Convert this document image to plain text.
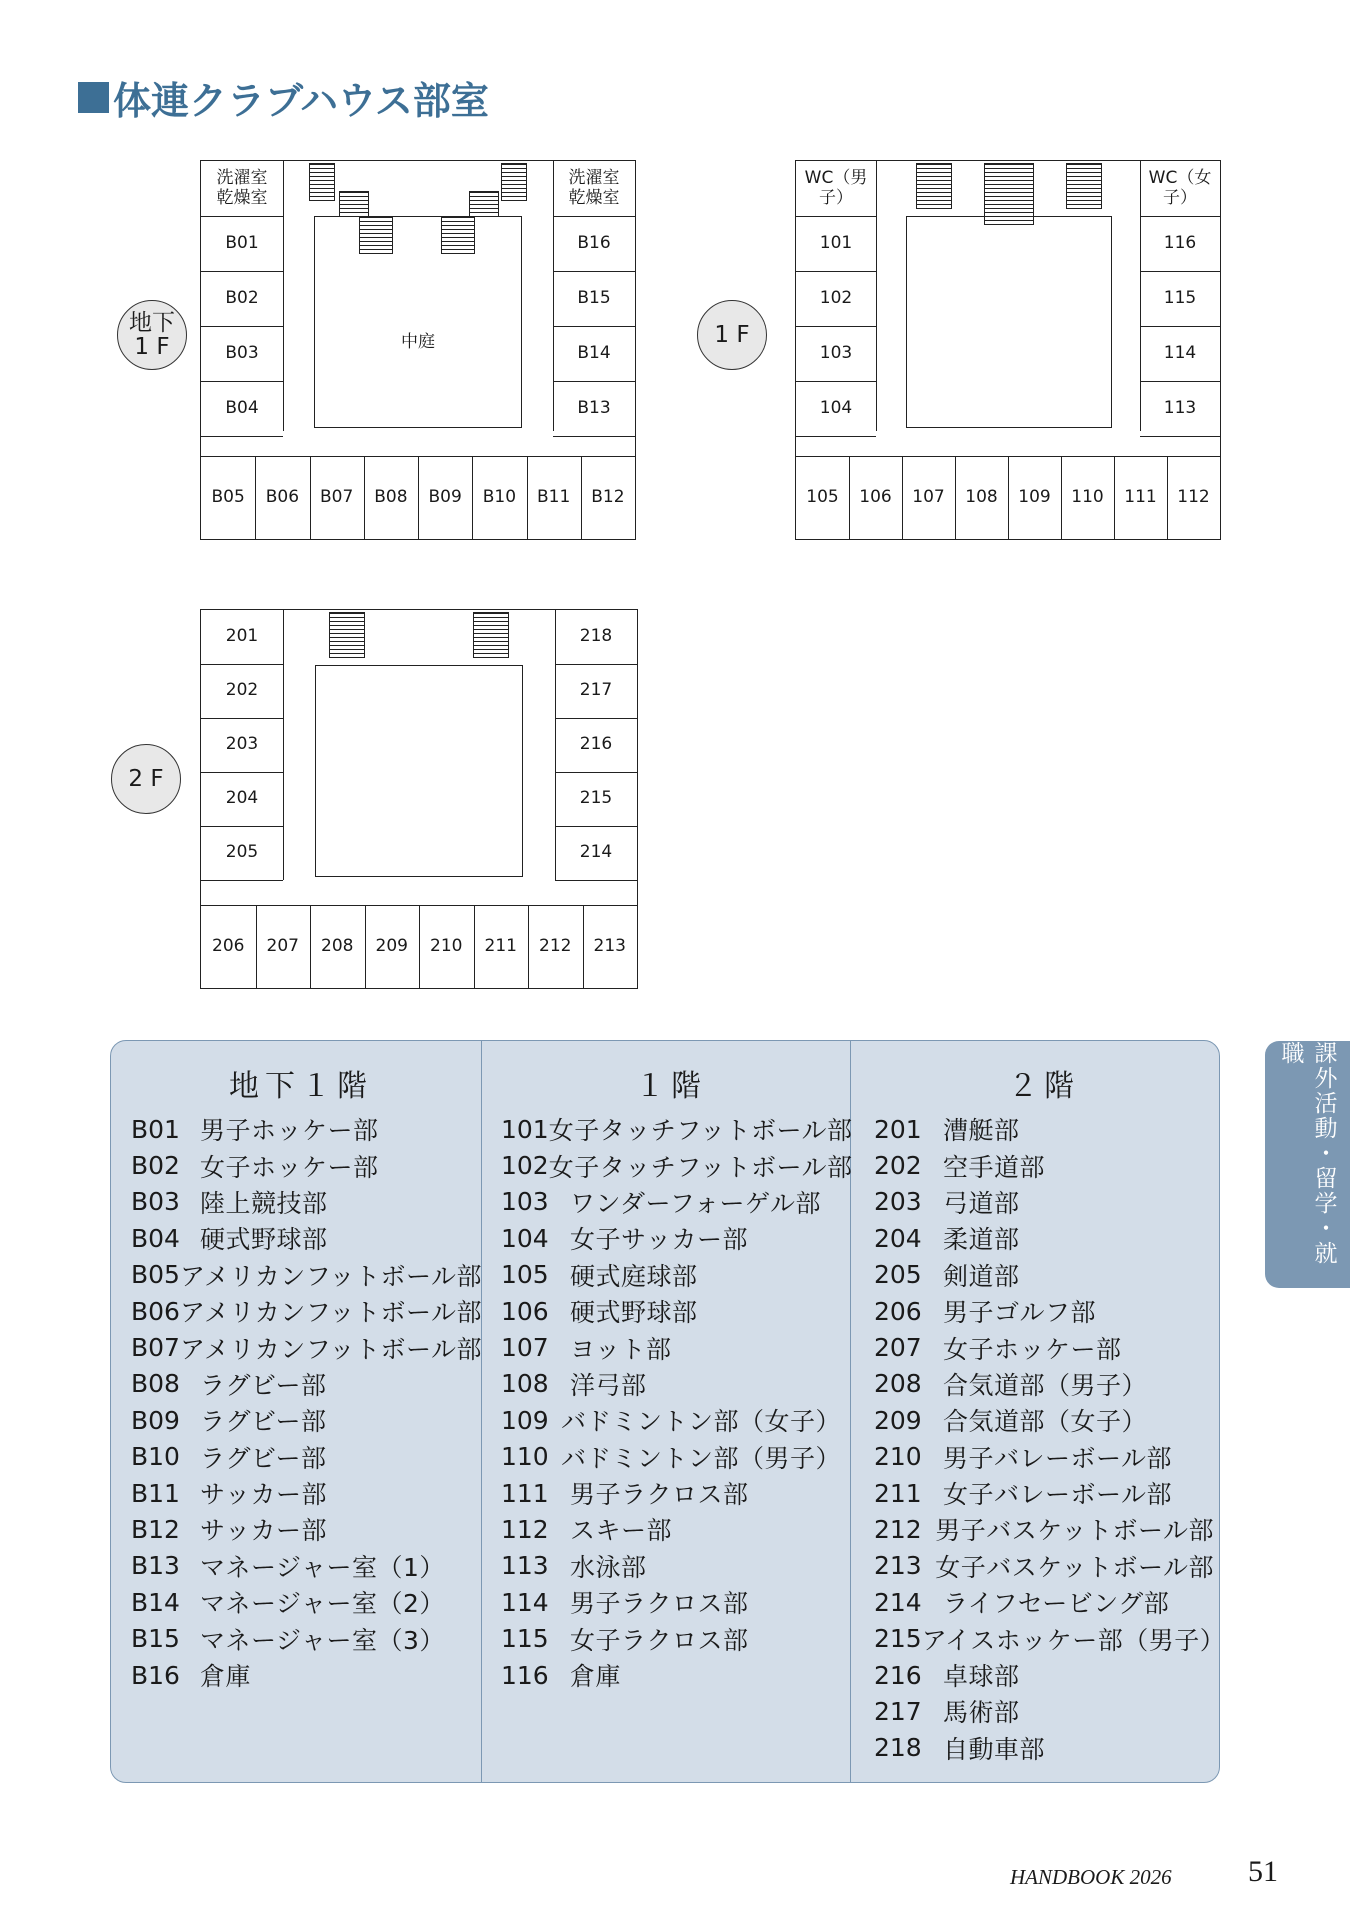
体連クラブハウス部室
地下
1 F	中庭
洗濯室
乾燥室
洗濯室
乾燥室
B01
B02
B03
B04
B16
B15
B14
B13
B05	B06	B07	B08	B09	B10	B11	B12
1 F
WC（男子）
WC（女子）
101
102
103
104
116
115
114
113
105	106	107	108	109	110	111	112
2 F
201
202
203
204
205
218
217
216
215
214
206	207	208	209	210	211	212	213
地下１階
B01 男子ホッケー部
B02 女子ホッケー部
B03 陸上競技部
B04 硬式野球部
B05 アメリカンフットボール部
B06 アメリカンフットボール部
B07 アメリカンフットボール部
B08 ラグビー部
B09 ラグビー部
B10 ラグビー部
B11 サッカー部
B12 サッカー部
B13 マネージャー室（1）
B14 マネージャー室（2）
B15 マネージャー室（3）
B16 倉庫
１階
101 女子タッチフットボール部
102 女子タッチフットボール部
103 ワンダーフォーゲル部
104 女子サッカー部
105 硬式庭球部
106 硬式野球部
107 ヨット部
108 洋弓部
109 バドミントン部（女子）
110 バドミントン部（男子）
111 男子ラクロス部
112 スキー部
113 水泳部
114 男子ラクロス部
115 女子ラクロス部
116 倉庫
２階
201 漕艇部
202 空手道部
203 弓道部
204 柔道部
205 剣道部
206 男子ゴルフ部
207 女子ホッケー部
208 合気道部（男子）
209 合気道部（女子）
210 男子バレーボール部
211 女子バレーボール部
212 男子バスケットボール部
213 女子バスケットボール部
214 ライフセービング部
215 アイスホッケー部（男子）
216 卓球部
217 馬術部
218 自動車部
課外活動・留学・就職
HANDBOOK 2026	51
